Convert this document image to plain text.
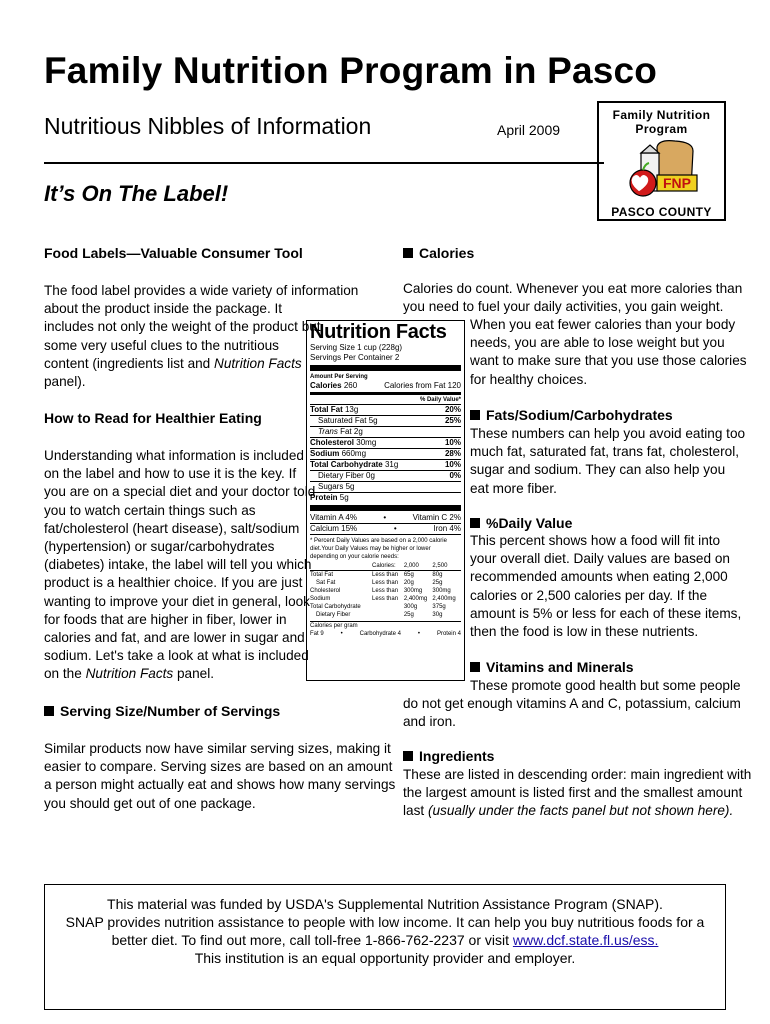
Family Nutrition Program in Pasco
Nutritious Nibbles of Information	April 2009
It’s On The Label!
Family Nutrition
Program
FNP
PASCO COUNTY
Food Labels—Valuable Consumer Tool
The food label provides a wide variety of information
about the product inside the package. It
includes not only the weight of the product but
some very useful clues to the nutritious
content (ingredients list and Nutrition Facts
panel).
How to Read for Healthier Eating
Understanding what information is included
on the label and how to use it is the key. If
you are on a special diet and your doctor told
you to watch certain things such as
fat/cholesterol (heart disease), salt/sodium
(hypertension) or sugar/carbohydrates
(diabetes) intake, the label will tell you which
product is a healthier choice. If you are just
wanting to improve your diet in general, look
for foods that are higher in fiber, lower in
calories and fat, and are lower in sugar and
sodium. Let's take a look at what is included
on the Nutrition Facts panel.
Serving Size/Number of Servings
Similar products now have similar serving sizes, making it
easier to compare. Serving sizes are based on an amount
a person might actually eat and shows how many servings
you should get out of one package.
Nutrition Facts
Serving Size 1 cup (228g)
Servings Per Container 2
Amount Per Serving
Calories 260	Calories from Fat 120
% Daily Value*
Total Fat 13g	20%
Saturated Fat 5g	25%
Trans Fat 2g
Cholesterol 30mg	10%
Sodium 660mg	28%
Total Carbohydrate 31g	10%
Dietary Fiber 0g	0%
Sugars 5g
Protein 5g
Vitamin A 4%	•	Vitamin C 2%
Calcium 15%	•	Iron 4%
* Percent Daily Values are based on a 2,000 calorie
diet.Your Daily Values may be higher or lower
depending on your calorie needs:
	Calories:	2,000	2,500
Total Fat	Less than	65g	80g
Sat Fat	Less than	20g	25g
Cholesterol	Less than	300mg	300mg
Sodium	Less than	2,400mg	2,400mg
Total Carbohydrate		300g	375g
Dietary Fiber		25g	30g
Calories per gram
Fat 9	•	Carbohydrate 4	•	Protein 4
Calories
Calories do count. Whenever you eat more calories than
you need to fuel your daily activities, you gain weight.
When you eat fewer calories than your body
needs, you are able to lose weight but you
want to make sure that you use those calories
for healthy choices.
Fats/Sodium/Carbohydrates
These numbers can help you avoid eating too
much fat, saturated fat, trans fat, cholesterol,
sugar and sodium. They can also help you
eat more fiber.
%Daily Value
This percent shows how a food will fit into
your overall diet. Daily values are based on
recommended amounts when eating 2,000
calories or 2,500 calories per day. If the
amount is 5% or less for each of these items,
then the food is low in these nutrients.
Vitamins and Minerals
These promote good health but some people
do not get enough vitamins A and C, potassium, calcium
and iron.
Ingredients
These are listed in descending order: main ingredient with
the largest amount is listed first and the smallest amount
last (usually under the facts panel but not shown here).
This material was funded by USDA's Supplemental Nutrition Assistance Program (SNAP).
SNAP provides nutrition assistance to people with low income. It can help you buy nutritious foods for a
better diet. To find out more, call toll-free 1-866-762-2237 or visit www.dcf.state.fl.us/ess.
This institution is an equal opportunity provider and employer.
